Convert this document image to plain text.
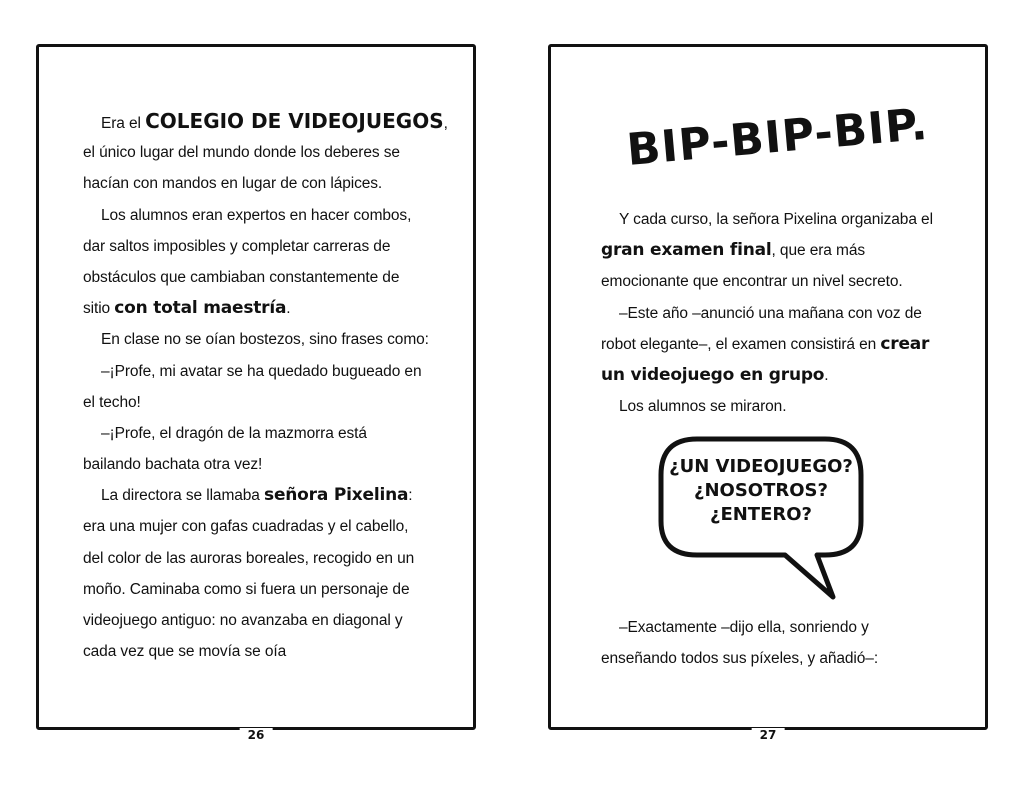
Era el COLEGIO DE VIDEOJUEGOS,
el único lugar del mundo donde los deberes se
hacían con mandos en lugar de con lápices.
Los alumnos eran expertos en hacer combos,
dar saltos imposibles y completar carreras de
obstáculos que cambiaban constantemente de
sitio con total maestría.
En clase no se oían bostezos, sino frases como:
–¡Profe, mi avatar se ha quedado bugueado en
el techo!
–¡Profe, el dragón de la mazmorra está
bailando bachata otra vez!
La directora se llamaba señora Pixelina:
era una mujer con gafas cuadradas y el cabello,
del color de las auroras boreales, recogido en un
moño. Caminaba como si fuera un personaje de
videojuego antiguo: no avanzaba en diagonal y
cada vez que se movía se oía
26
BIP-BIP-BIP.
Y cada curso, la señora Pixelina organizaba el
gran examen final, que era más
emocionante que encontrar un nivel secreto.
–Este año –anunció una mañana con voz de
robot elegante–, el examen consistirá en crear
un videojuego en grupo.
Los alumnos se miraron.
¿UN VIDEOJUEGO?
¿NOSOTROS?
¿ENTERO?
–Exactamente –dijo ella, sonriendo y
enseñando todos sus píxeles, y añadió–:
27
